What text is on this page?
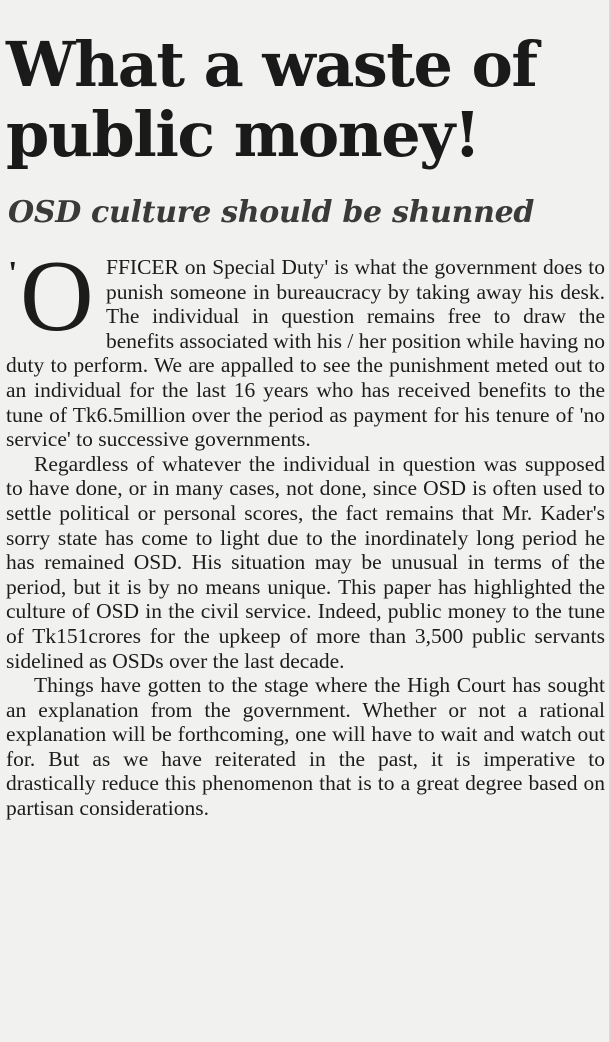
What a waste of public money!
OSD culture should be shunned

' O FFICER on Special Duty' is what the government does to punish someone in bureaucracy by taking away his desk. The individual in question remains free to draw the benefits associated with his / her position while having no duty to perform. We are appalled to see the punishment meted out to an individual for the last 16 years who has received benefits to the tune of Tk6.5million over the period as payment for his tenure of 'no service' to successive governments.

Regardless of whatever the individual in question was supposed to have done, or in many cases, not done, since OSD is often used to settle political or personal scores, the fact remains that Mr. Kader's sorry state has come to light due to the inordinately long period he has remained OSD. His situation may be unusual in terms of the period, but it is by no means unique. This paper has highlighted the culture of OSD in the civil service. Indeed, public money to the tune of Tk151crores for the upkeep of more than 3,500 public servants sidelined as OSDs over the last decade.

Things have gotten to the stage where the High Court has sought an explanation from the government. Whether or not a rational explanation will be forthcoming, one will have to wait and watch out for. But as we have reiterated in the past, it is imperative to drastically reduce this phenomenon that is to a great degree based on partisan considerations.
